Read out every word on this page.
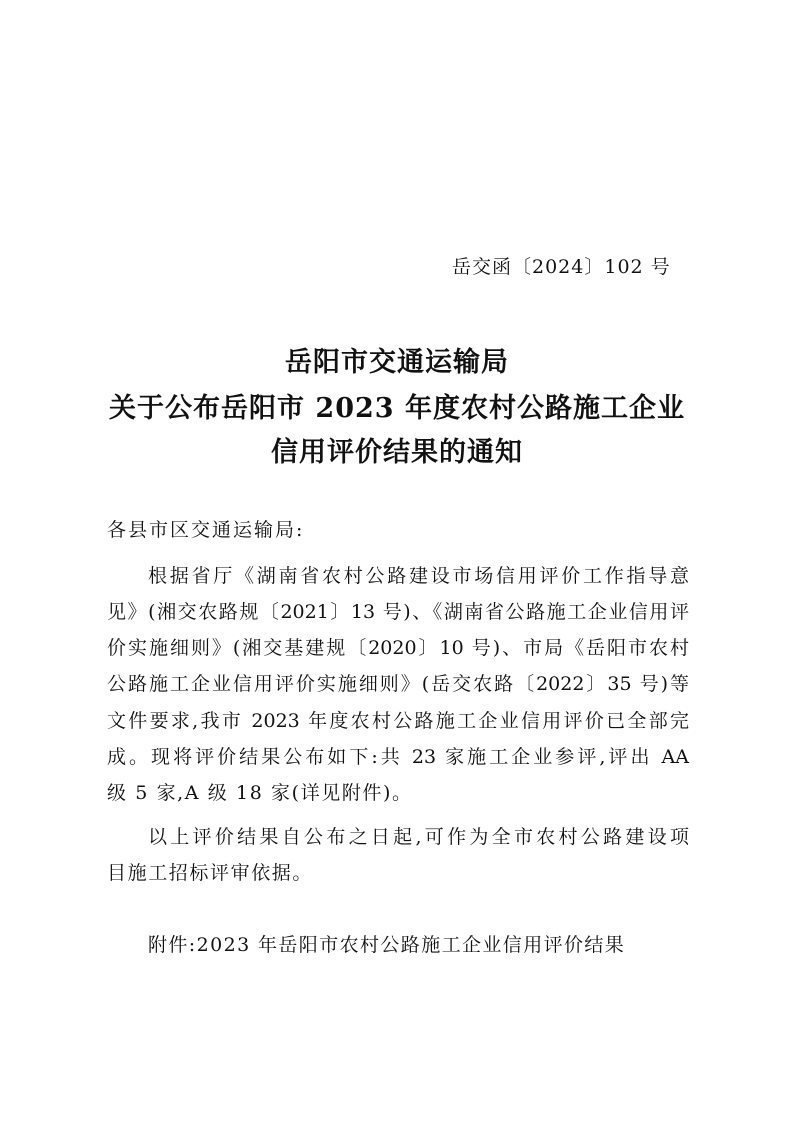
岳交函〔2024〕102 号
岳阳市交通运输局
关于公布岳阳市 2023 年度农村公路施工企业
信用评价结果的通知
各县市区交通运输局:
根据省厅《湖南省农村公路建设市场信用评价工作指导意
见》(湘交农路规〔2021〕13 号)、《湖南省公路施工企业信用评
价实施细则》(湘交基建规〔2020〕10 号)、市局《岳阳市农村
公路施工企业信用评价实施细则》(岳交农路〔2022〕35 号)等
文件要求,我市 2023 年度农村公路施工企业信用评价已全部完
成。现将评价结果公布如下:共 23 家施工企业参评,评出 AA
级 5 家,A 级 18 家(详见附件)。
以上评价结果自公布之日起,可作为全市农村公路建设项
目施工招标评审依据。
附件:2023 年岳阳市农村公路施工企业信用评价结果
